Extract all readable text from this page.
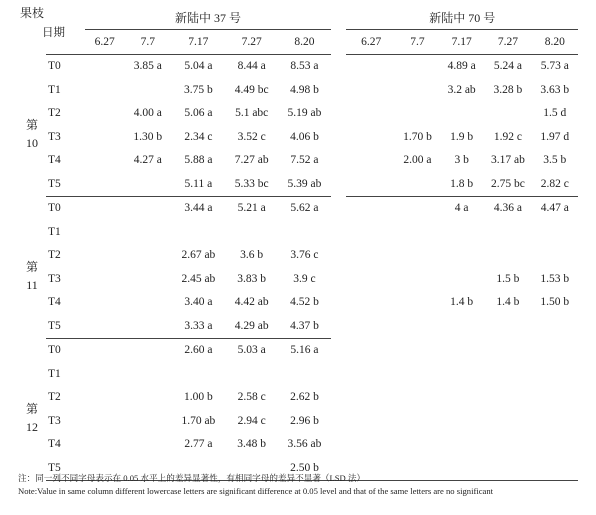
果枝
日期		新陆中 37 号						新陆中 70 号				
		6.27	7.7	7.17	7.27	8.20		6.27	7.7	7.17	7.27	8.20

第
10	T0		3.85 a	5.04 a	8.44 a	8.53 a				4.89 a	5.24 a	5.73 a
	T1			3.75 b	4.49 bc	4.98 b				3.2 ab	3.28 b	3.63 b
	T2		4.00 a	5.06 a	5.1 abc	5.19 ab						1.5 d
	T3		1.30 b	2.34 c	3.52 c	4.06 b			1.70 b	1.9 b	1.92 c	1.97 d
	T4		4.27 a	5.88 a	7.27 ab	7.52 a			2.00 a	3 b	3.17 ab	3.5 b
	T5			5.11 a	5.33 bc	5.39 ab				1.8 b	2.75 bc	2.82 c

第
11	T0			3.44 a	5.21 a	5.62 a				4 a	4.36 a	4.47 a
	T1											
	T2			2.67 ab	3.6 b	3.76 c						
	T3			2.45 ab	3.83 b	3.9 c					1.5 b	1.53 b
	T4			3.40 a	4.42 ab	4.52 b				1.4 b	1.4 b	1.50 b
	T5			3.33 a	4.29 ab	4.37 b						

第
12	T0			2.60 a	5.03 a	5.16 a						
	T1											
	T2			1.00 b	2.58 c	2.62 b						
	T3			1.70 ab	2.94 c	2.96 b						
	T4			2.77 a	3.48 b	3.56 ab						
	T5					2.50 b						
注：同一列不同字母表示在 0.05 水平上的差异显著性，有相同字母的差异不显著（LSD 法）
Note:Value in same column different lowercase letters are significant difference at 0.05 level and that of the same letters are no significant
